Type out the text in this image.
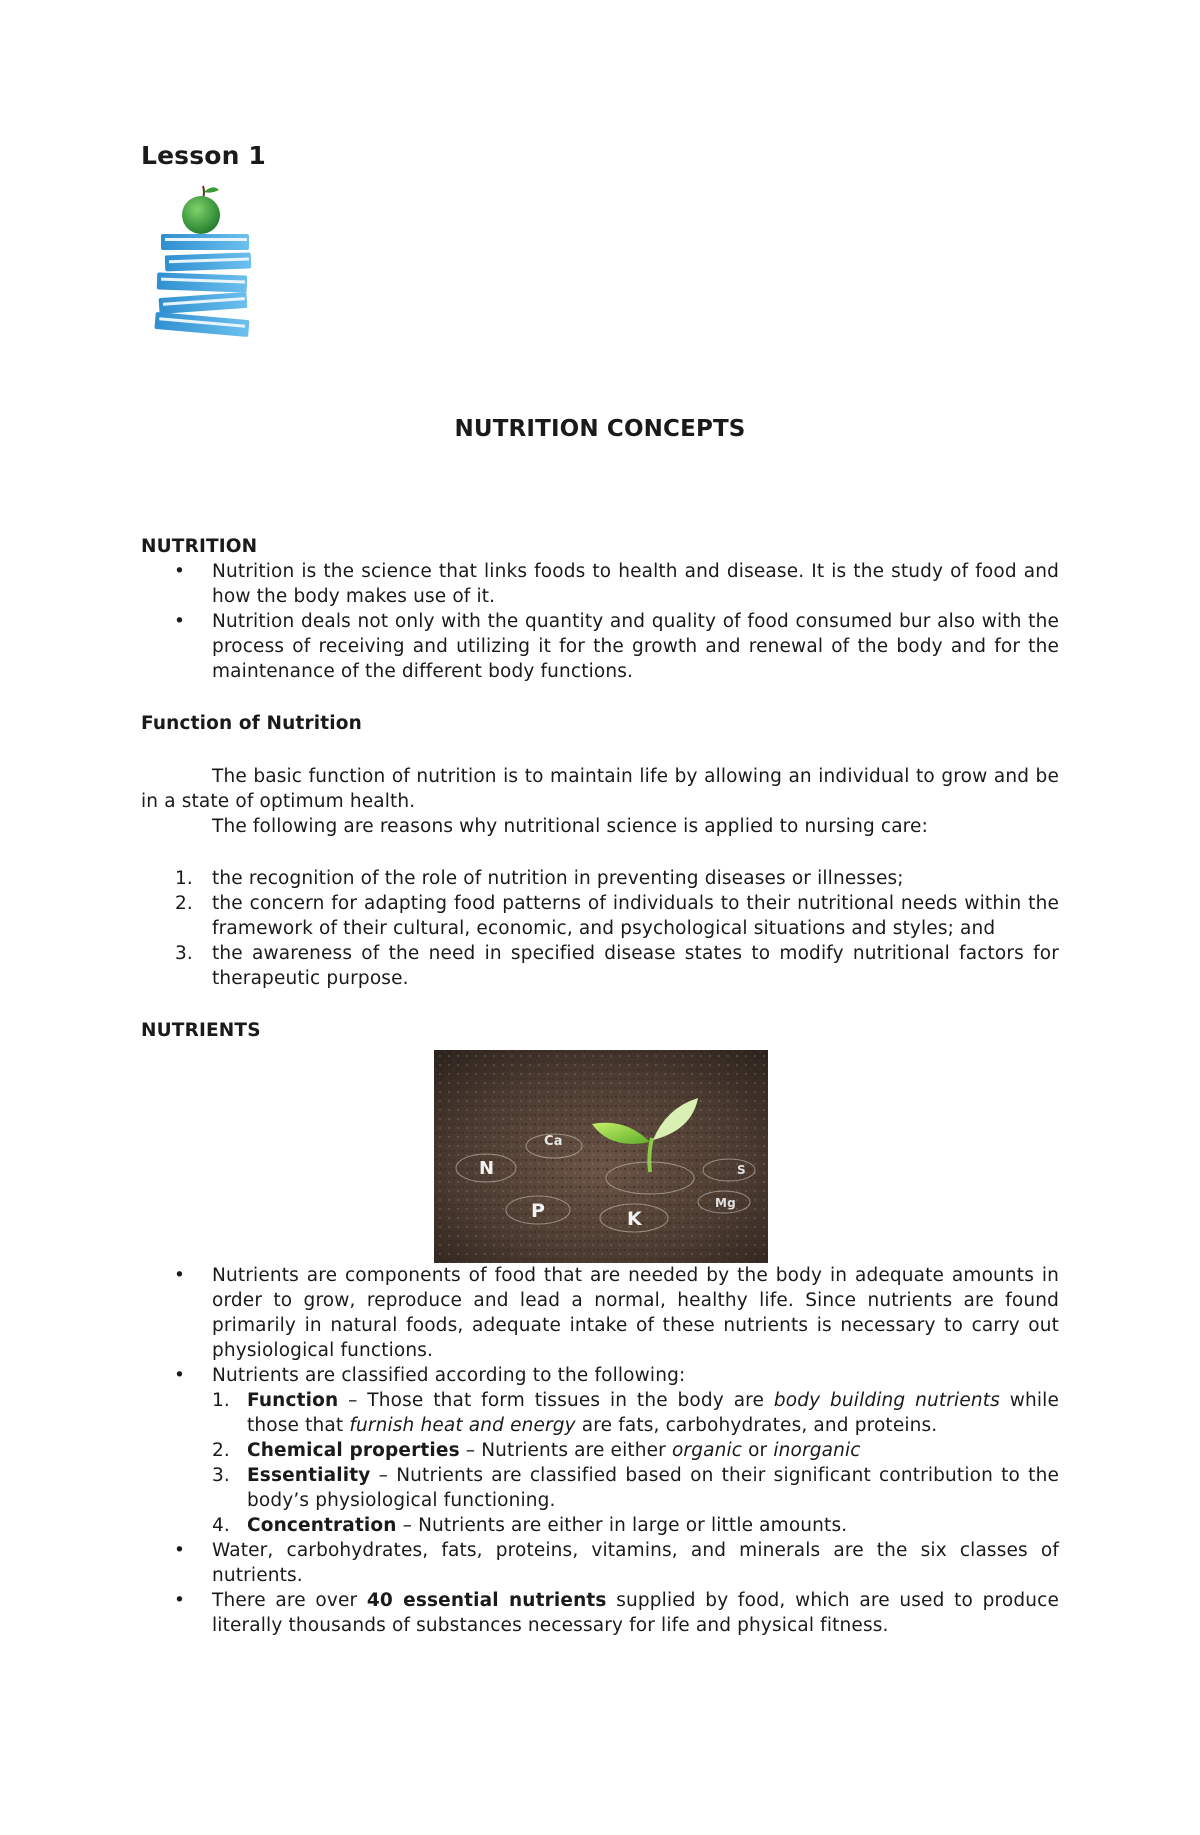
Lesson 1
NUTRITION CONCEPTS

NUTRITION

• Nutrition is the science that links foods to health and disease. It is the study of food and how the body makes use of it.
• Nutrition deals not only with the quantity and quality of food consumed bur also with the process of receiving and utilizing it for the growth and renewal of the body and for the maintenance of the different body functions.

Function of Nutrition

The basic function of nutrition is to maintain life by allowing an individual to grow and be in a state of optimum health.

The following are reasons why nutritional science is applied to nursing care:

1. the recognition of the role of nutrition in preventing diseases or illnesses;
2. the concern for adapting food patterns of individuals to their nutritional needs within the framework of their cultural, economic, and psychological situations and styles; and
3. the awareness of the need in specified disease states to modify nutritional factors for therapeutic purpose.

NUTRIENTS

N
Ca
P	K
S
Mg
• Nutrients are components of food that are needed by the body in adequate amounts in order to grow, reproduce and lead a normal, healthy life. Since nutrients are found primarily in natural foods, adequate intake of these nutrients is necessary to carry out physiological functions.
• Nutrients are classified according to the following:
1. Function – Those that form tissues in the body are body building nutrients while those that furnish heat and energy are fats, carbohydrates, and proteins.
2. Chemical properties – Nutrients are either organic or inorganic
3. Essentiality – Nutrients are classified based on their significant contribution to the body’s physiological functioning.
4. Concentration – Nutrients are either in large or little amounts.
• Water, carbohydrates, fats, proteins, vitamins, and minerals are the six classes of nutrients.
• There are over 40 essential nutrients supplied by food, which are used to produce literally thousands of substances necessary for life and physical fitness.
